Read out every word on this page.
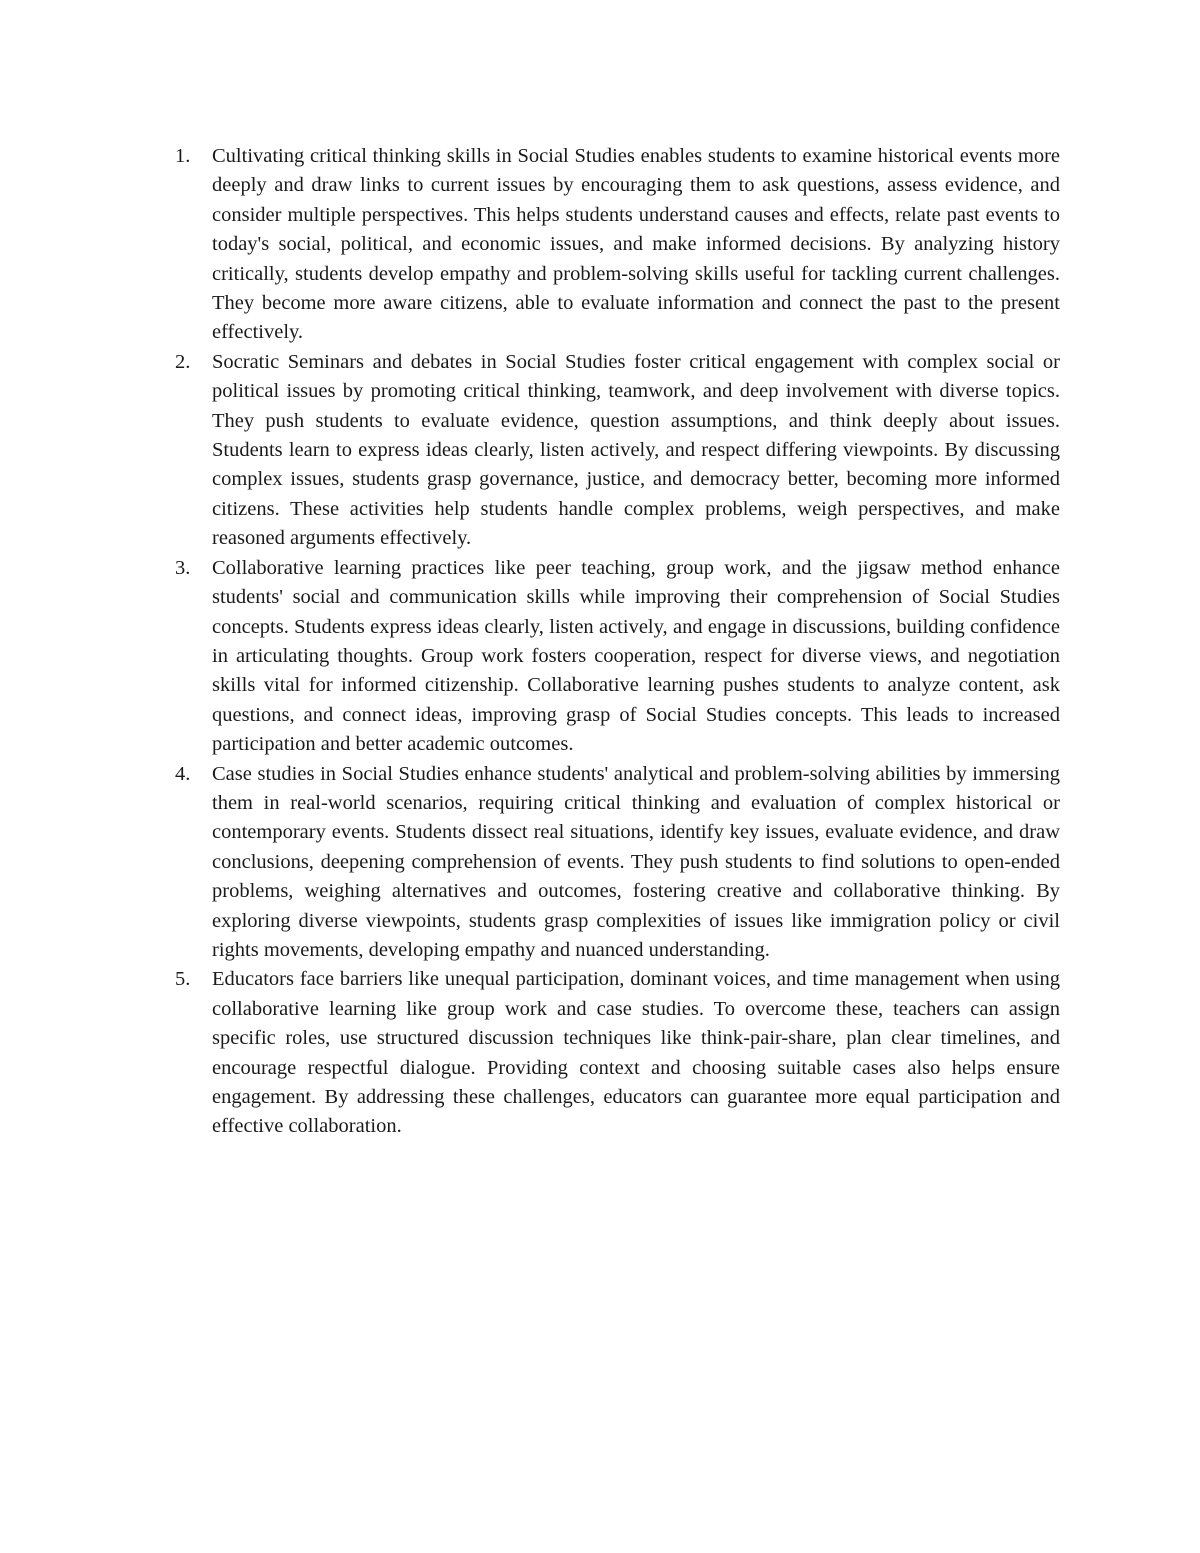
1. Cultivating critical thinking skills in Social Studies enables students to examine historical events more deeply and draw links to current issues by encouraging them to ask questions, assess evidence, and consider multiple perspectives. This helps students understand causes and effects, relate past events to today's social, political, and economic issues, and make informed decisions. By analyzing history critically, students develop empathy and problem-solving skills useful for tackling current challenges. They become more aware citizens, able to evaluate information and connect the past to the present effectively.
2. Socratic Seminars and debates in Social Studies foster critical engagement with complex social or political issues by promoting critical thinking, teamwork, and deep involvement with diverse topics. They push students to evaluate evidence, question assumptions, and think deeply about issues. Students learn to express ideas clearly, listen actively, and respect differing viewpoints. By discussing complex issues, students grasp governance, justice, and democracy better, becoming more informed citizens. These activities help students handle complex problems, weigh perspectives, and make reasoned arguments effectively.
3. Collaborative learning practices like peer teaching, group work, and the jigsaw method enhance students' social and communication skills while improving their comprehension of Social Studies concepts. Students express ideas clearly, listen actively, and engage in discussions, building confidence in articulating thoughts. Group work fosters cooperation, respect for diverse views, and negotiation skills vital for informed citizenship. Collaborative learning pushes students to analyze content, ask questions, and connect ideas, improving grasp of Social Studies concepts. This leads to increased participation and better academic outcomes.
4. Case studies in Social Studies enhance students' analytical and problem-solving abilities by immersing them in real-world scenarios, requiring critical thinking and evaluation of complex historical or contemporary events. Students dissect real situations, identify key issues, evaluate evidence, and draw conclusions, deepening comprehension of events. They push students to find solutions to open-ended problems, weighing alternatives and outcomes, fostering creative and collaborative thinking. By exploring diverse viewpoints, students grasp complexities of issues like immigration policy or civil rights movements, developing empathy and nuanced understanding.
5. Educators face barriers like unequal participation, dominant voices, and time management when using collaborative learning like group work and case studies. To overcome these, teachers can assign specific roles, use structured discussion techniques like think-pair-share, plan clear timelines, and encourage respectful dialogue. Providing context and choosing suitable cases also helps ensure engagement. By addressing these challenges, educators can guarantee more equal participation and effective collaboration.
